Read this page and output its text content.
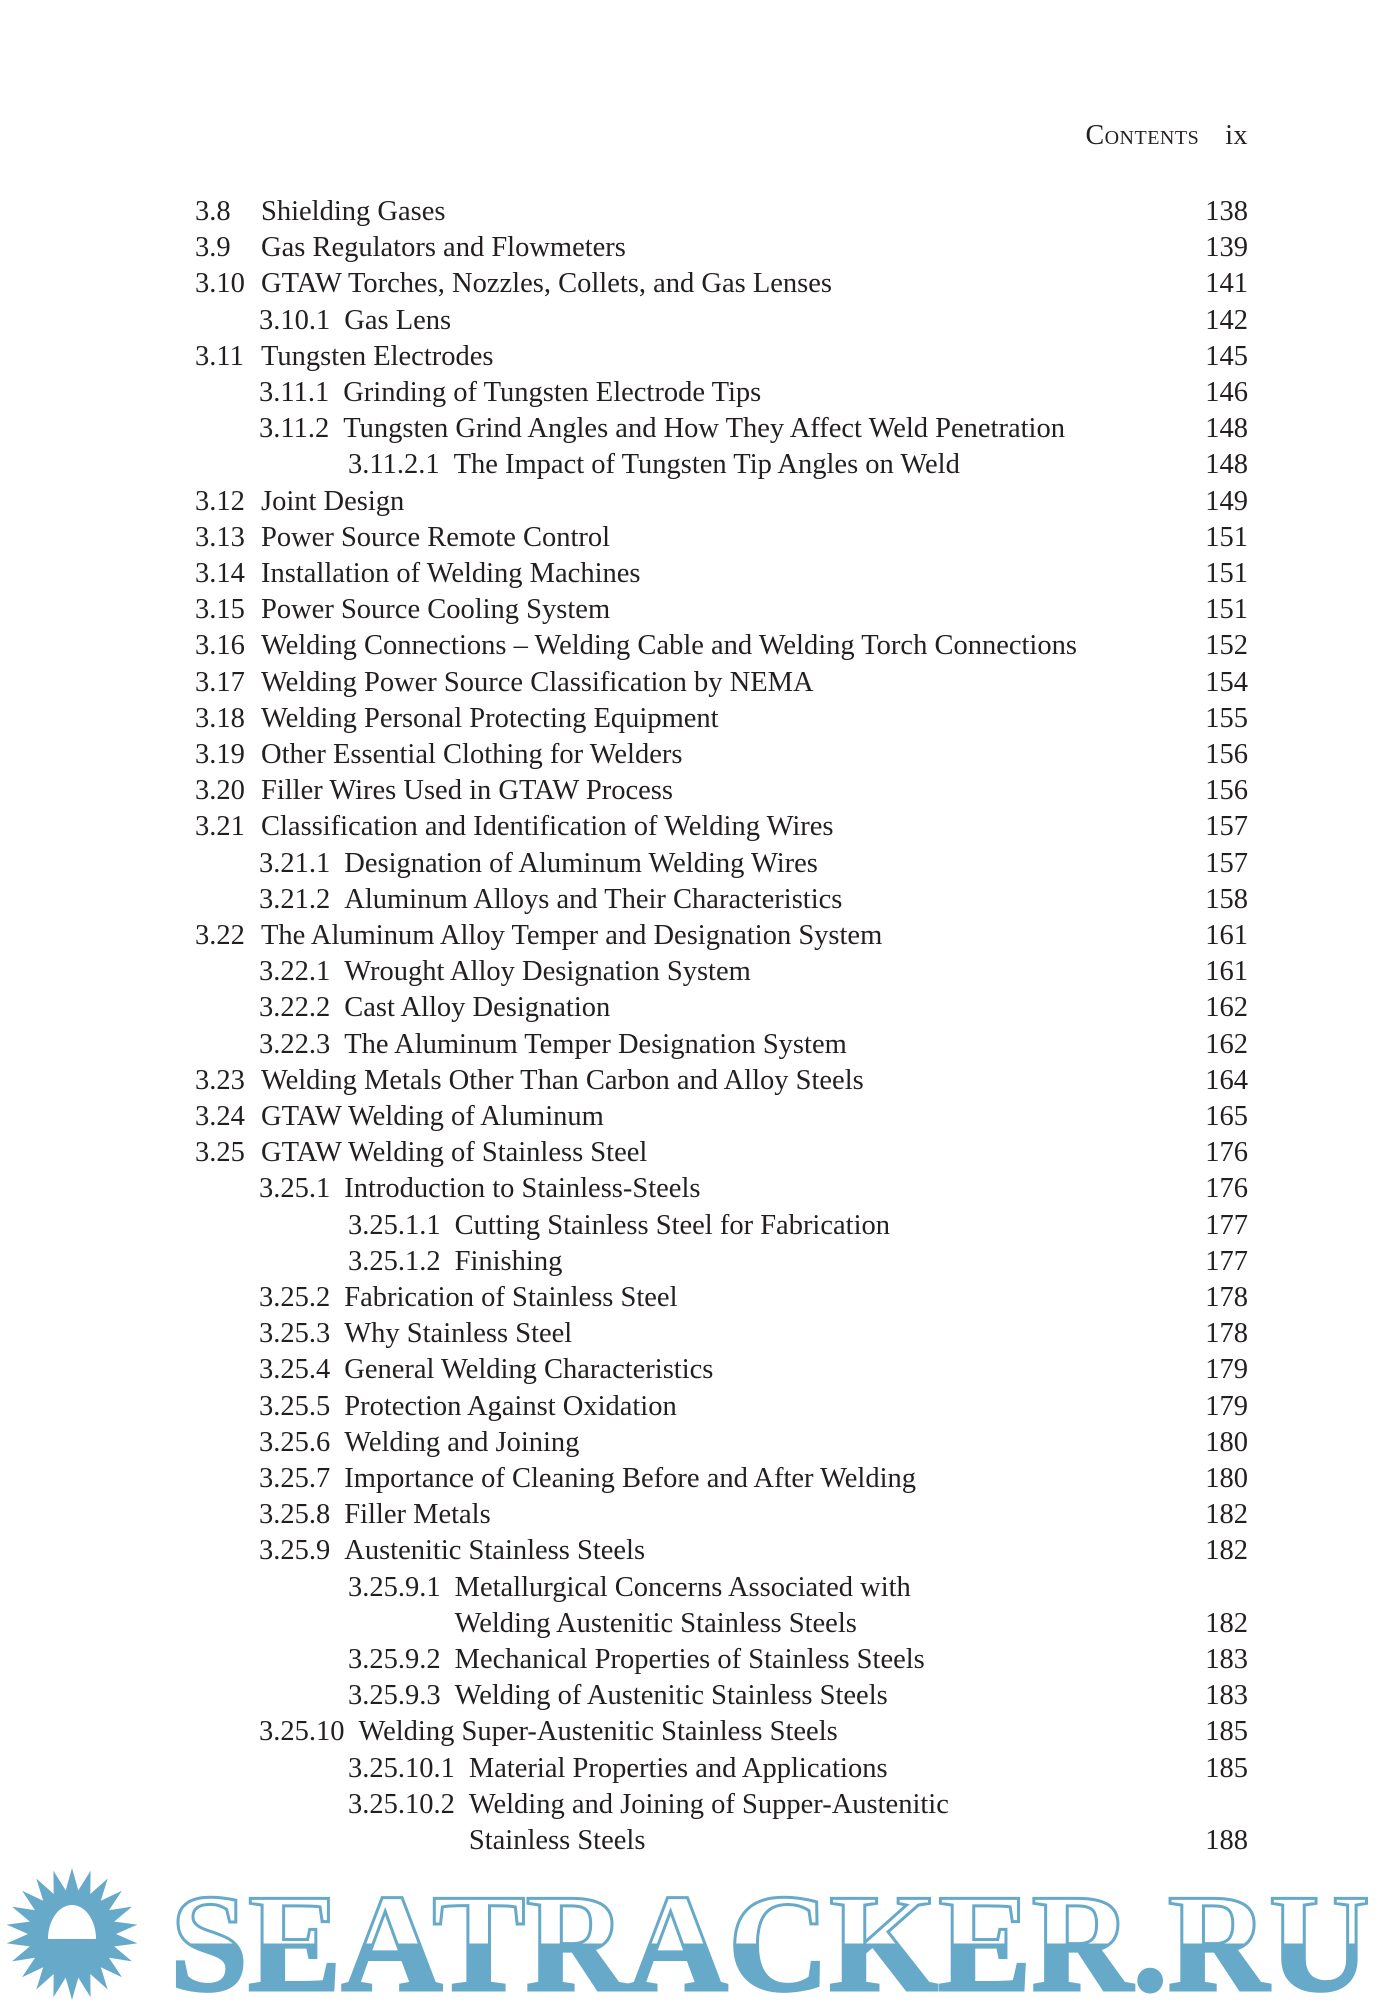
Contents ix
3.8 Shielding Gases	138
3.9 Gas Regulators and Flowmeters	139
3.10 GTAW Torches, Nozzles, Collets, and Gas Lenses	141
3.10.1 Gas Lens	142
3.11 Tungsten Electrodes	145
3.11.1 Grinding of Tungsten Electrode Tips	146
3.11.2 Tungsten Grind Angles and How They Affect Weld Penetration	148
3.11.2.1 The Impact of Tungsten Tip Angles on Weld	148
3.12 Joint Design	149
3.13 Power Source Remote Control	151
3.14 Installation of Welding Machines	151
3.15 Power Source Cooling System	151
3.16 Welding Connections – Welding Cable and Welding Torch Connections	152
3.17 Welding Power Source Classification by NEMA	154
3.18 Welding Personal Protecting Equipment	155
3.19 Other Essential Clothing for Welders	156
3.20 Filler Wires Used in GTAW Process	156
3.21 Classification and Identification of Welding Wires	157
3.21.1 Designation of Aluminum Welding Wires	157
3.21.2 Aluminum Alloys and Their Characteristics	158
3.22 The Aluminum Alloy Temper and Designation System	161
3.22.1 Wrought Alloy Designation System	161
3.22.2 Cast Alloy Designation	162
3.22.3 The Aluminum Temper Designation System	162
3.23 Welding Metals Other Than Carbon and Alloy Steels	164
3.24 GTAW Welding of Aluminum	165
3.25 GTAW Welding of Stainless Steel	176
3.25.1 Introduction to Stainless-Steels	176
3.25.1.1 Cutting Stainless Steel for Fabrication	177
3.25.1.2 Finishing	177
3.25.2 Fabrication of Stainless Steel	178
3.25.3 Why Stainless Steel	178
3.25.4 General Welding Characteristics	179
3.25.5 Protection Against Oxidation	179
3.25.6 Welding and Joining	180
3.25.7 Importance of Cleaning Before and After Welding	180
3.25.8 Filler Metals	182
3.25.9 Austenitic Stainless Steels	182
3.25.9.1 Metallurgical Concerns Associated with
Welding Austenitic Stainless Steels	182
3.25.9.2 Mechanical Properties of Stainless Steels	183
3.25.9.3 Welding of Austenitic Stainless Steels	183
3.25.10 Welding Super-Austenitic Stainless Steels	185
3.25.10.1 Material Properties and Applications	185
3.25.10.2 Welding and Joining of Supper-Austenitic
Stainless Steels	188
SEATRACKER.RU
